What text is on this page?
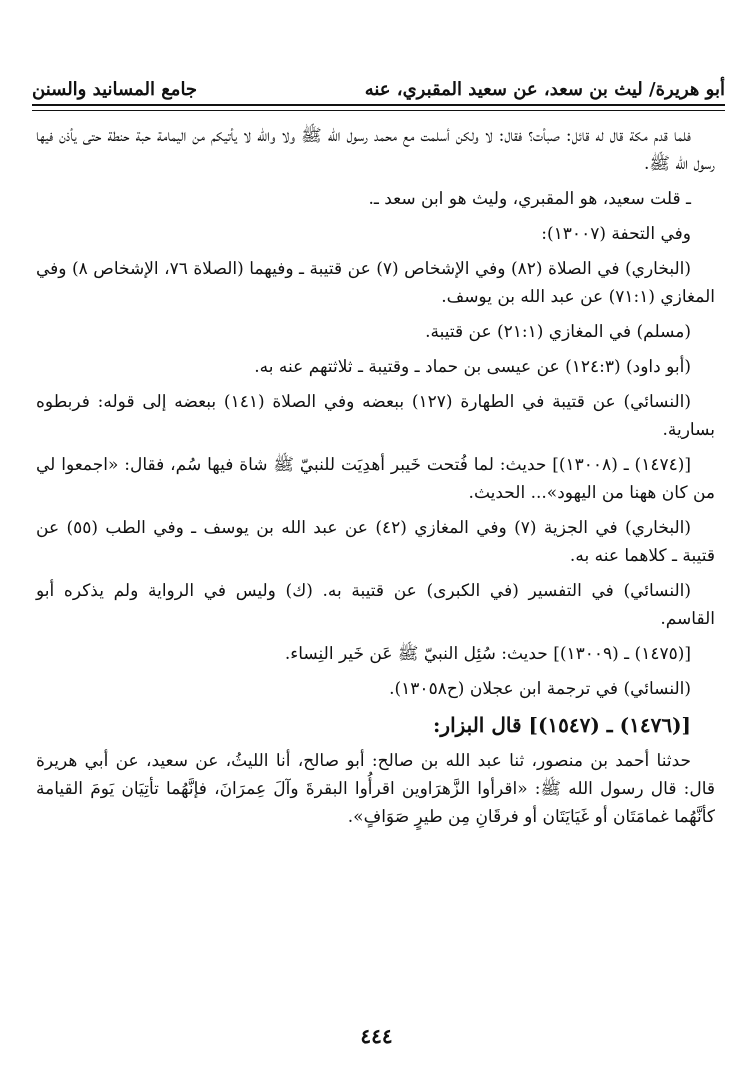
أبو هريرة/ ليث بن سعد، عن سعيد المقبري، عنه
جامع المسانيد والسنن

فلما قدم مكة قال له قائل: صبأت؟ فقال: لا ولكن أسلمت مع محمد رسول الله ﷺ ولا والله لا يأتيكم من اليمامة حبة حنطة حتى يأذن فيها رسول الله ﷺ.

ـ قلت سعيد، هو المقبري، وليث هو ابن سعد ـ.

وفي التحفة (١٣٠٠٧):

(البخاري) في الصلاة (٨٢) وفي الإشخاص (٧) عن قتيبة ـ وفيهما (الصلاة ٧٦، الإشخاص ٨) وفي المغازي (٧١:١) عن عبد الله بن يوسف.

(مسلم) في المغازي (٢١:١) عن قتيبة.

(أبو داود) (١٢٤:٣) عن عيسى بن حماد ـ وقتيبة ـ ثلاثتهم عنه به.

(النسائي) عن قتيبة في الطهارة (١٢٧) ببعضه وفي الصلاة (١٤١) ببعضه إلى قوله: فربطوه بسارية.

[(١٤٧٤) ـ (١٣٠٠٨)] حديث: لما فُتحت خَيبر أهدِيَت للنبيّ ﷺ شاة فيها سُم، فقال: «اجمعوا لي من كان ههنا من اليهود»... الحديث.

(البخاري) في الجزية (٧) وفي المغازي (٤٢) عن عبد الله بن يوسف ـ وفي الطب (٥٥) عن قتيبة ـ كلاهما عنه به.

(النسائي) في التفسير (في الكبرى) عن قتيبة به. (ك) وليس في الرواية ولم يذكره أبو القاسم.

[(١٤٧٥) ـ (١٣٠٠٩)] حديث: سُئِل النبيّ ﷺ عَن خَير النِساء.

(النسائي) في ترجمة ابن عجلان (ح١٣٠٥٨).

[(١٤٧٦) ـ (١٥٤٧)] قال البزار:

حدثنا أحمد بن منصور، ثنا عبد الله بن صالح: أبو صالح، أنا الليثُ، عن سعيد، عن أبي هريرة قال: قال رسول الله ﷺ: «اقرأوا الزَّهرَاوين اقرأُوا البقرةَ وآلَ عِمرَانَ، فإنَّهُما تأتِيَان يَومَ القيامة كأنَّهُما غمامَتَان أو غَيَايَتَان أو فرقَانِ مِن طيرٍ صَوَافٍ».

٤٤٤
